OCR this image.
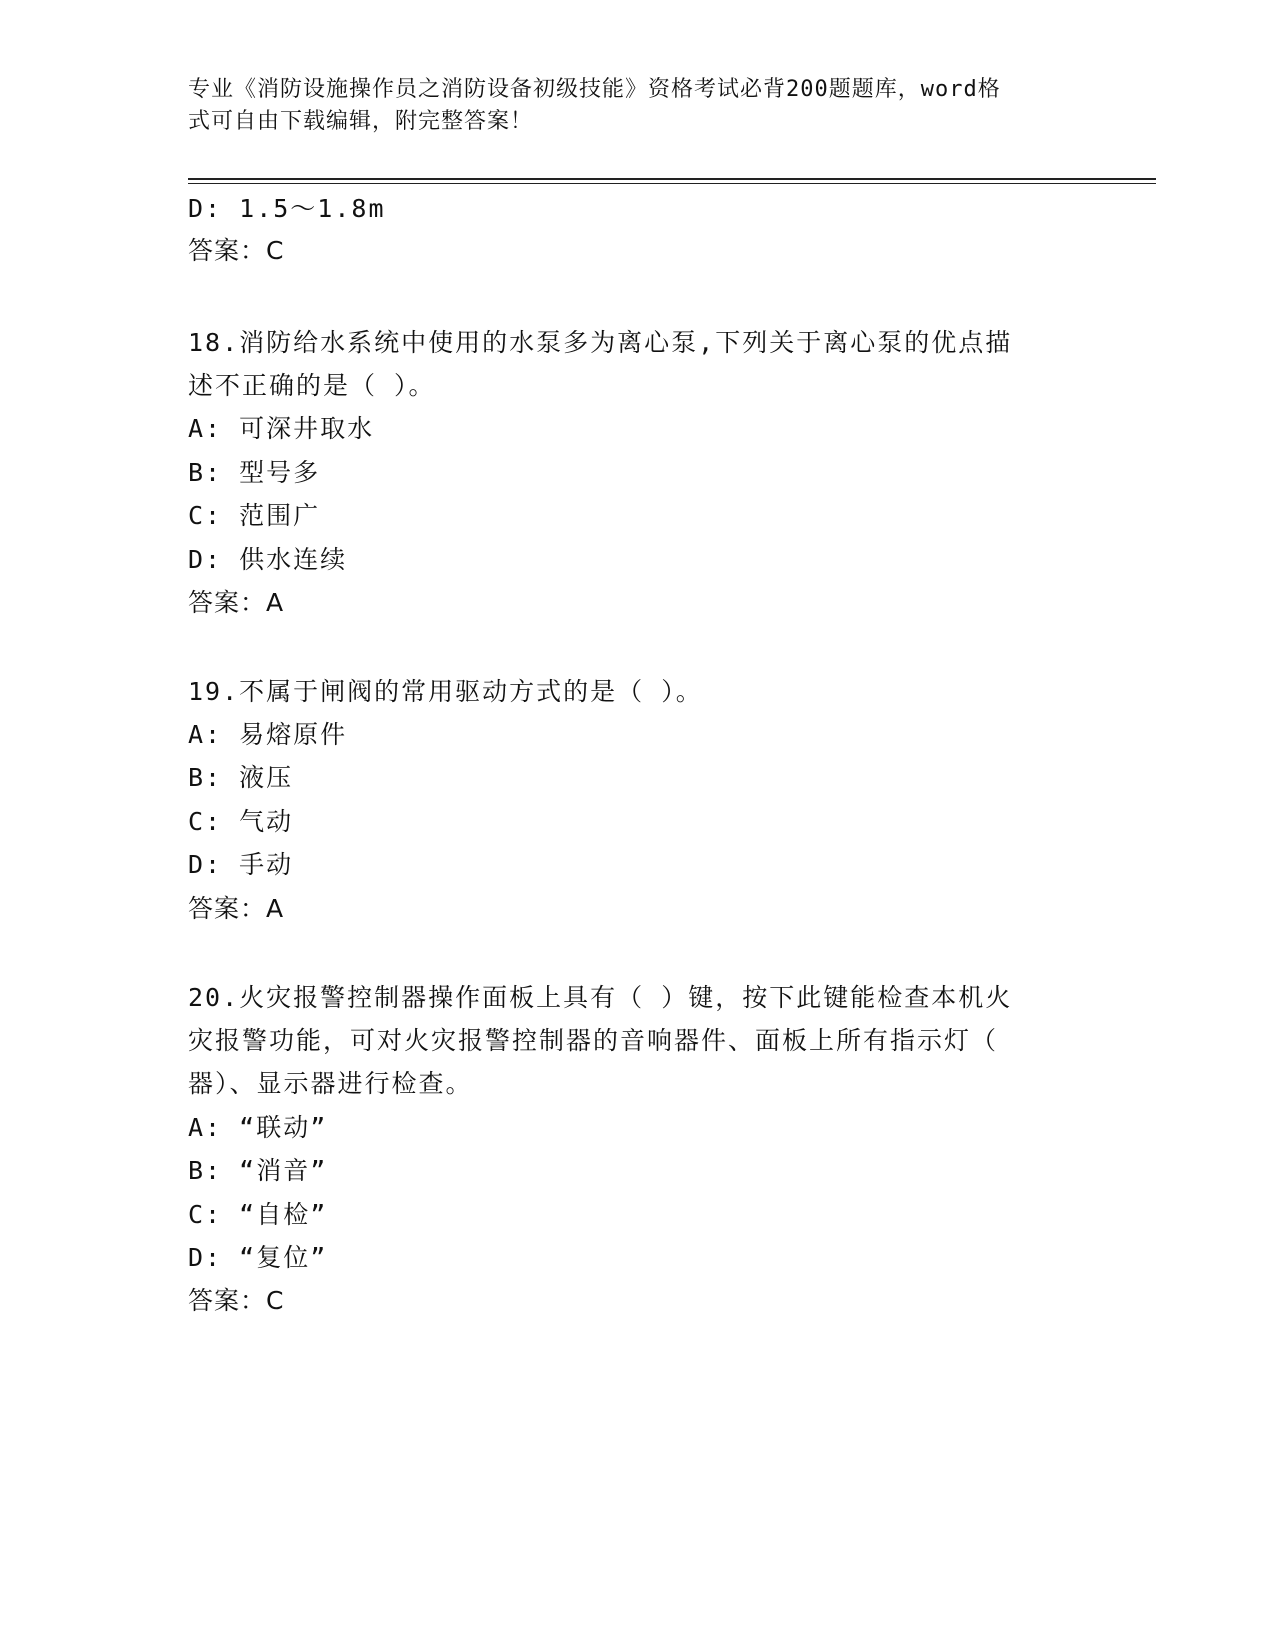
专业《消防设施操作员之消防设备初级技能》资格考试必背200题题库，word格
式可自由下载编辑，附完整答案！
D: 1.5～1.8m
答案：C
18.消防给水系统中使用的水泵多为离心泵,下列关于离心泵的优点描
述不正确的是（ ）。
A: 可深井取水
B: 型号多
C: 范围广
D: 供水连续
答案：A
19.不属于闸阀的常用驱动方式的是（ ）。
A: 易熔原件
B: 液压
C: 气动
D: 手动
答案：A
20.火灾报警控制器操作面板上具有（ ）键，按下此键能检查本机火
灾报警功能，可对火灾报警控制器的音响器件、面板上所有指示灯（
器）、显示器进行检查。
A: “联动”
B: “消音”
C: “自检”
D: “复位”
答案：C
